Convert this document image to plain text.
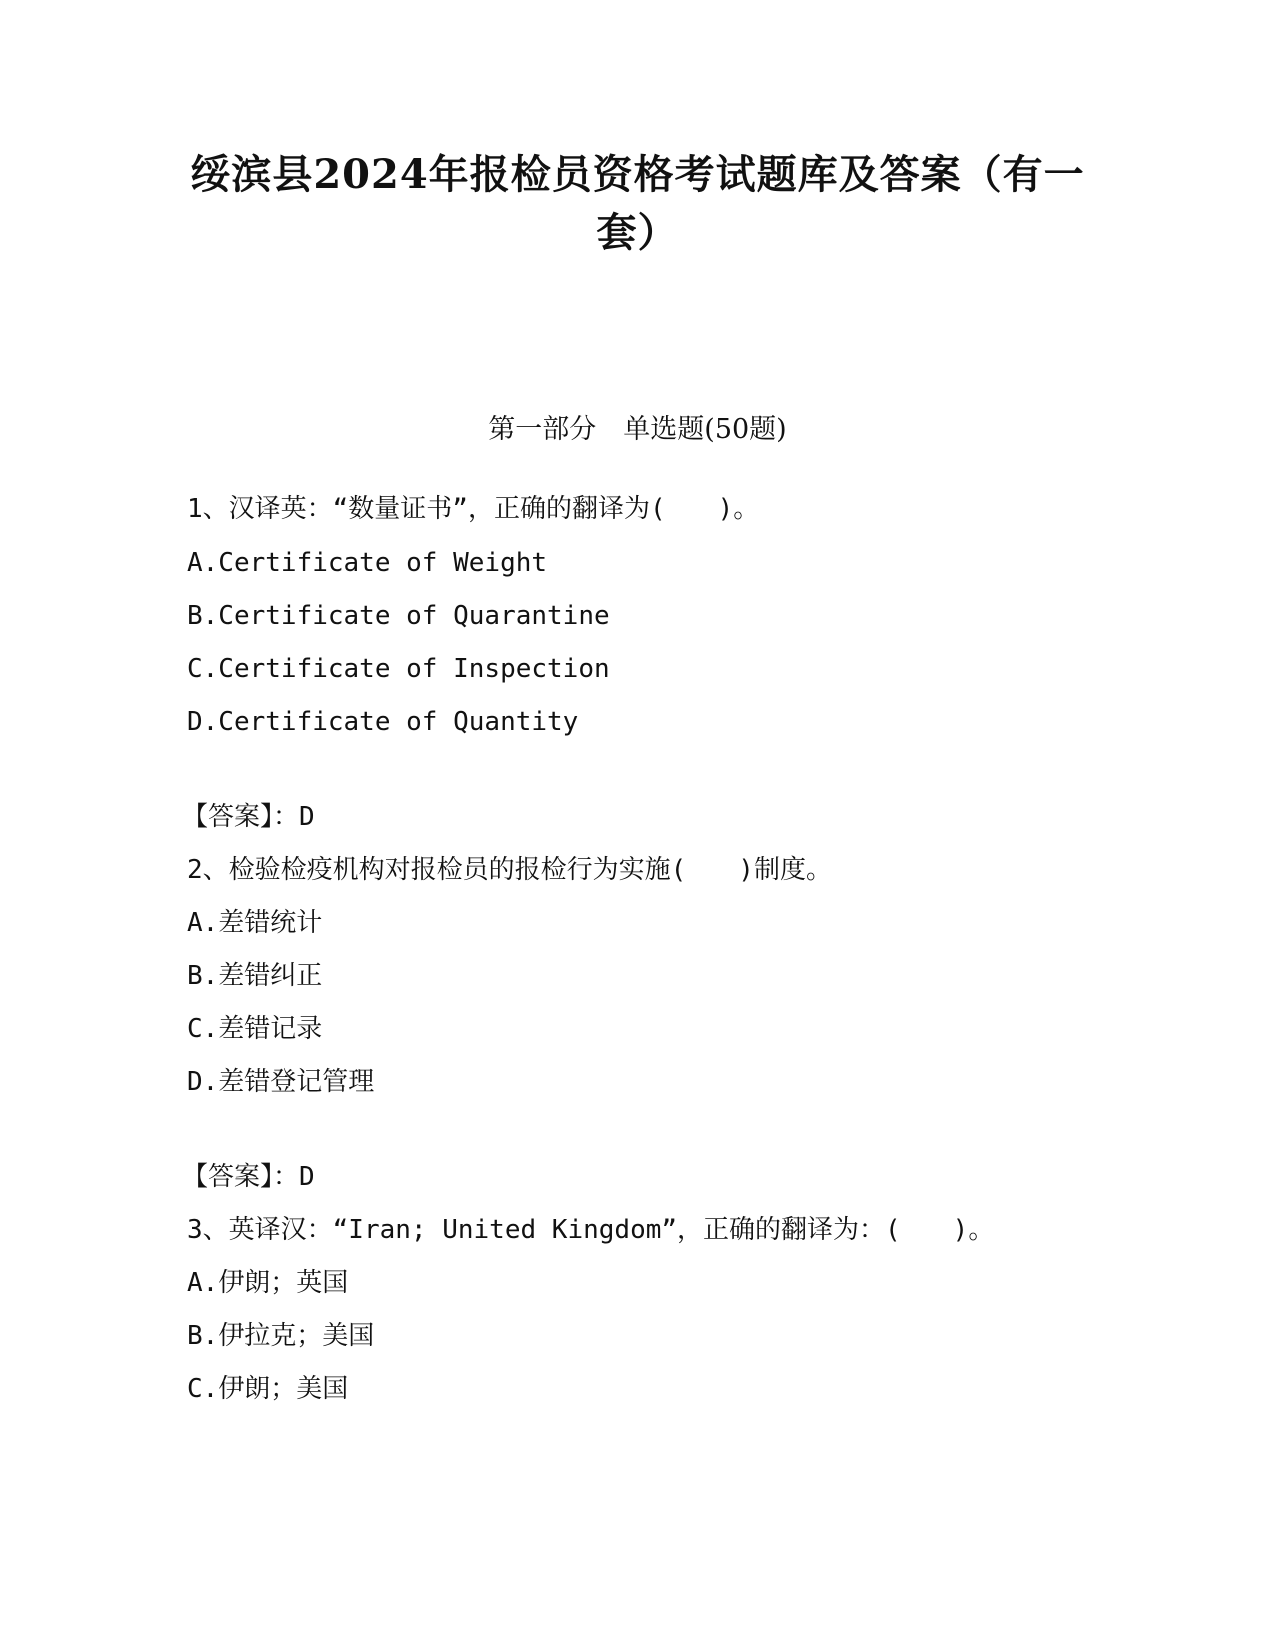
绥滨县2024年报检员资格考试题库及答案（有一
套）
第一部分　单选题(50题)
1、汉译英：“数量证书”，正确的翻译为(　　)。
A.Certificate of Weight
B.Certificate of Quarantine
C.Certificate of Inspection
D.Certificate of Quantity
【答案】：D
2、检验检疫机构对报检员的报检行为实施(　　)制度。
A.差错统计
B.差错纠正
C.差错记录
D.差错登记管理
【答案】：D
3、英译汉：“Iran; United Kingdom”，正确的翻译为：(　　)。
A.伊朗；英国
B.伊拉克；美国
C.伊朗；美国
